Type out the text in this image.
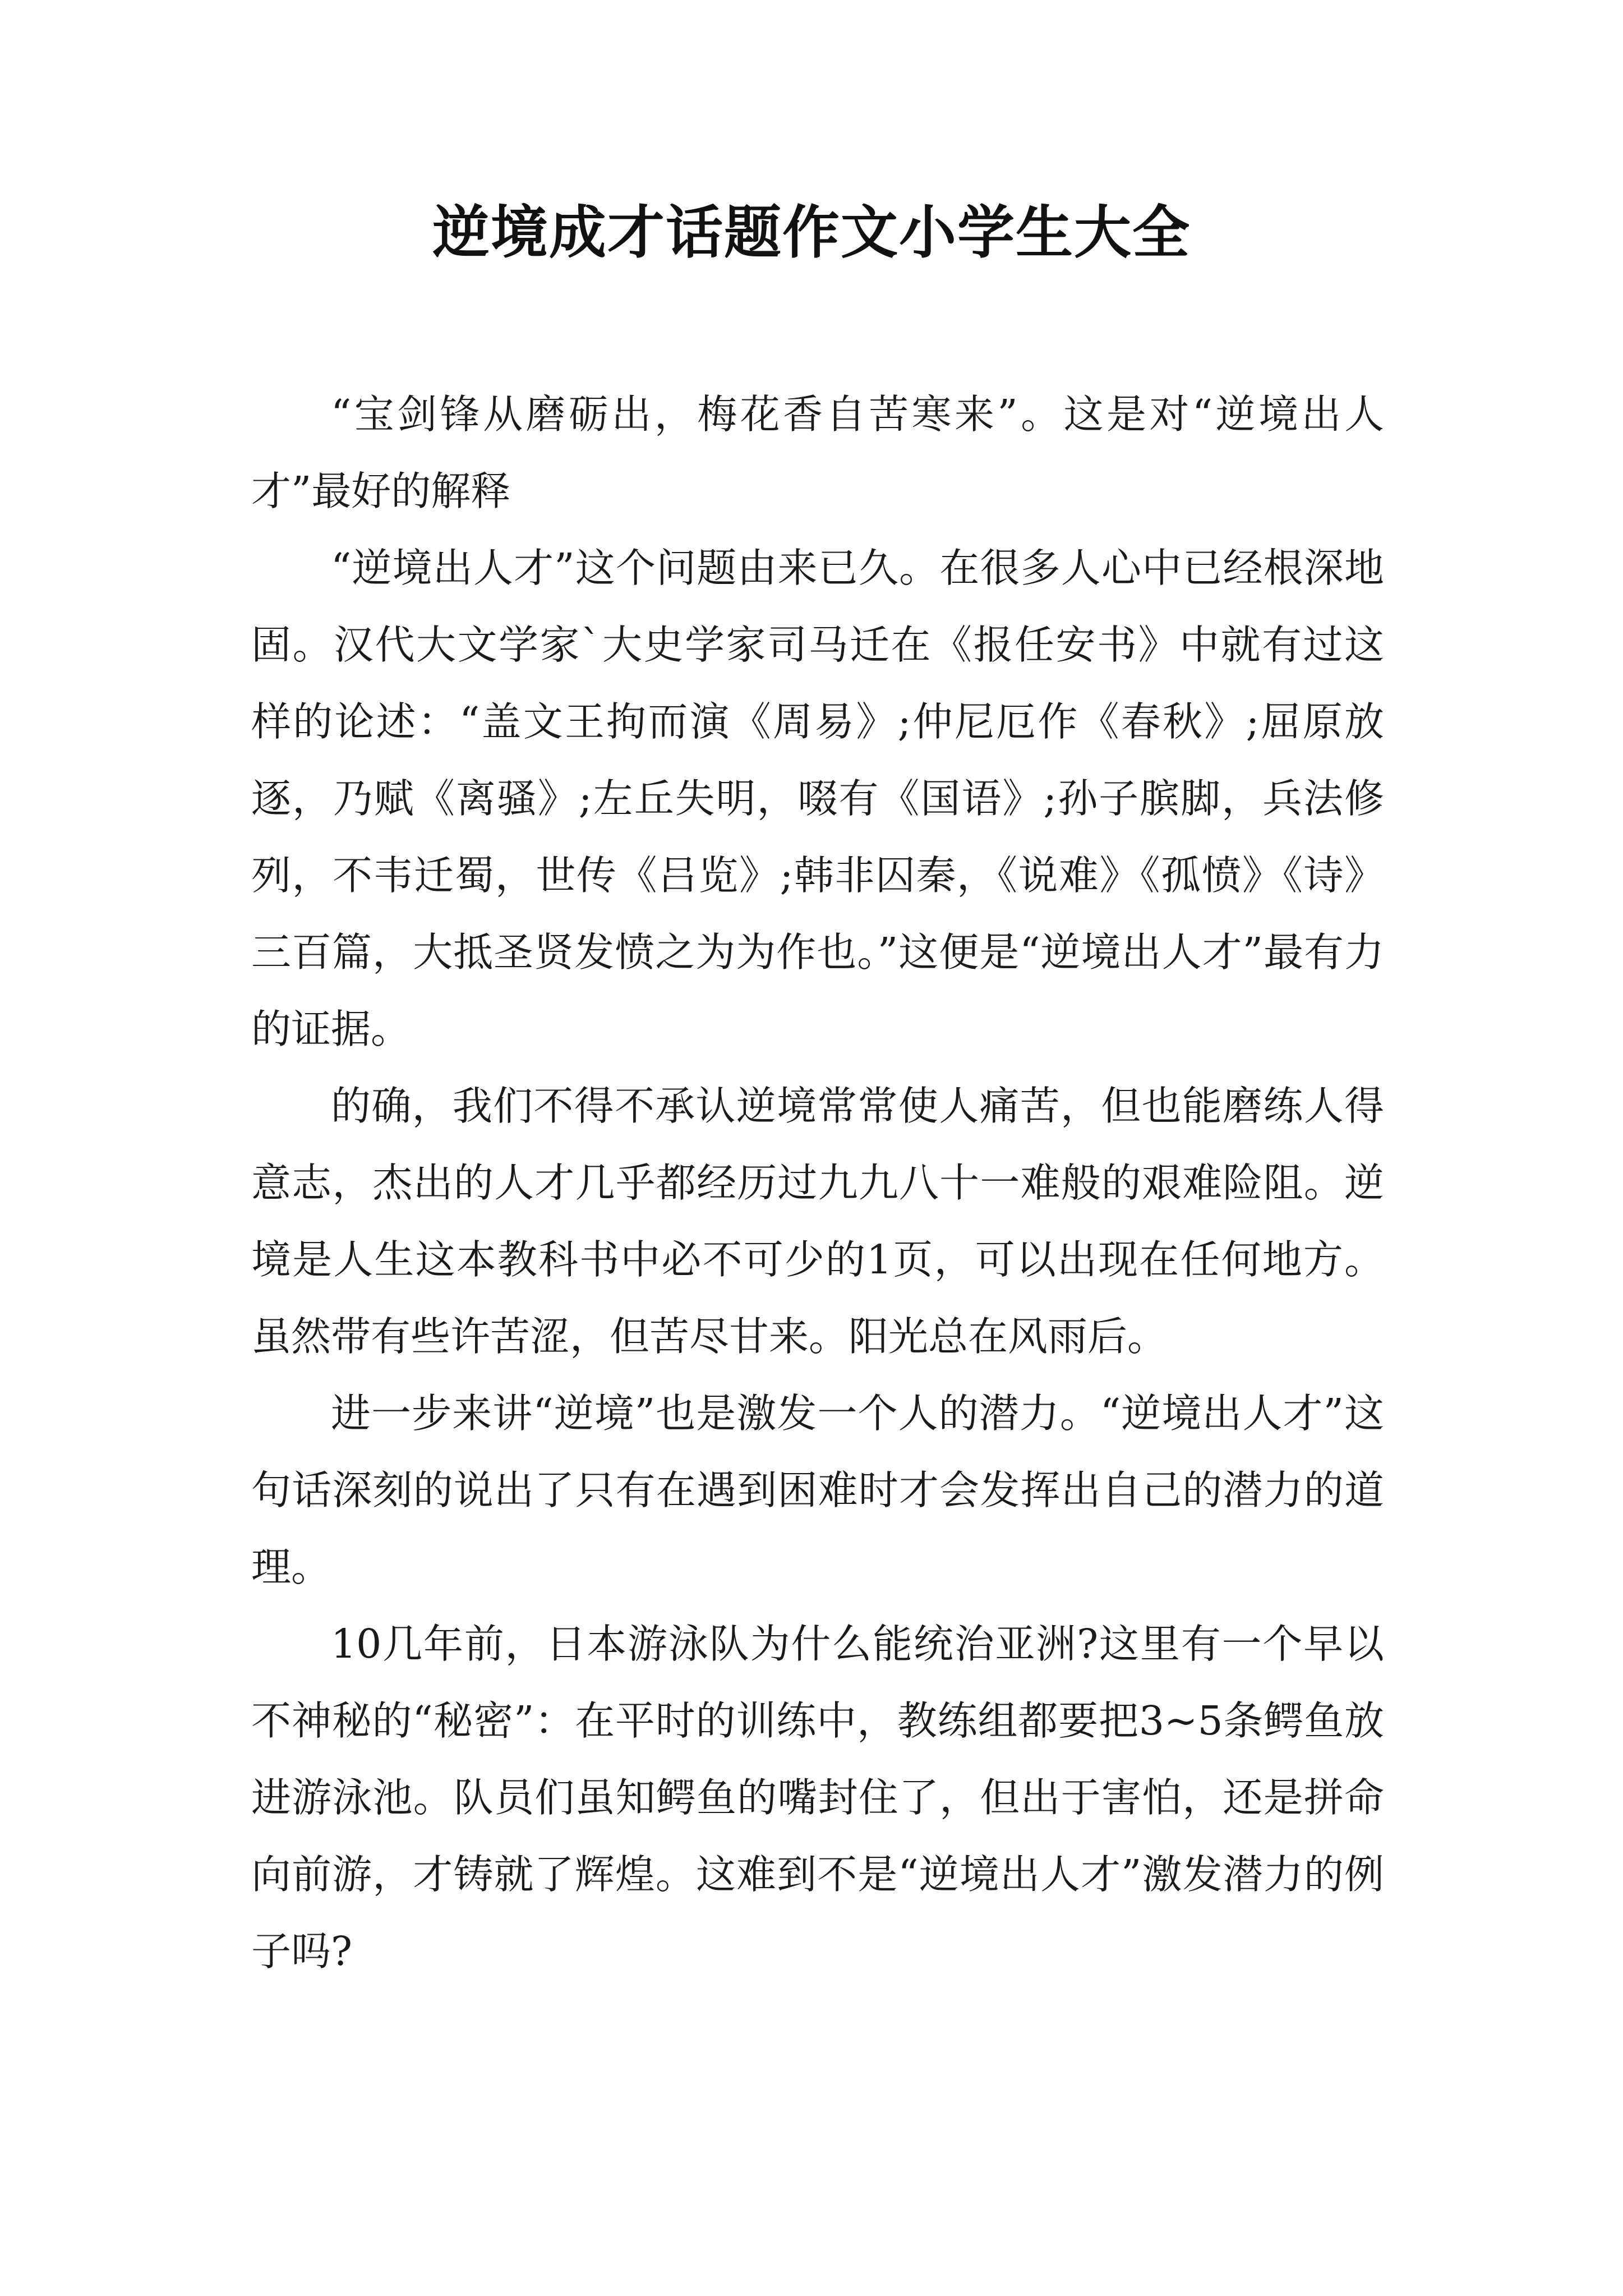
逆境成才话题作文小学生大全

“宝剑锋从磨砺出，梅花香自苦寒来”。这是对“逆境出人才”最好的解释

“逆境出人才”这个问题由来已久。在很多人心中已经根深地固。汉代大文学家`大史学家司马迁在《报任安书》中就有过这样的论述：“盖文王拘而演《周易》;仲尼厄作《春秋》;屈原放逐，乃赋《离骚》;左丘失明，啜有《国语》;孙子膑脚，兵法修列，不韦迁蜀，世传《吕览》;韩非囚秦，《说难》《孤愤》《诗》三百篇，大抵圣贤发愤之为为作也。”这便是“逆境出人才”最有力的证据。

的确，我们不得不承认逆境常常使人痛苦，但也能磨练人得意志，杰出的人才几乎都经历过九九八十一难般的艰难险阻。逆境是人生这本教科书中必不可少的1页，可以出现在任何地方。虽然带有些许苦涩，但苦尽甘来。阳光总在风雨后。

进一步来讲“逆境”也是激发一个人的潜力。“逆境出人才”这句话深刻的说出了只有在遇到困难时才会发挥出自己的潜力的道理。

10几年前，日本游泳队为什么能统治亚洲?这里有一个早以不神秘的“秘密”：在平时的训练中，教练组都要把3~5条鳄鱼放进游泳池。队员们虽知鳄鱼的嘴封住了，但出于害怕，还是拼命向前游，才铸就了辉煌。这难到不是“逆境出人才”激发潜力的例子吗?
